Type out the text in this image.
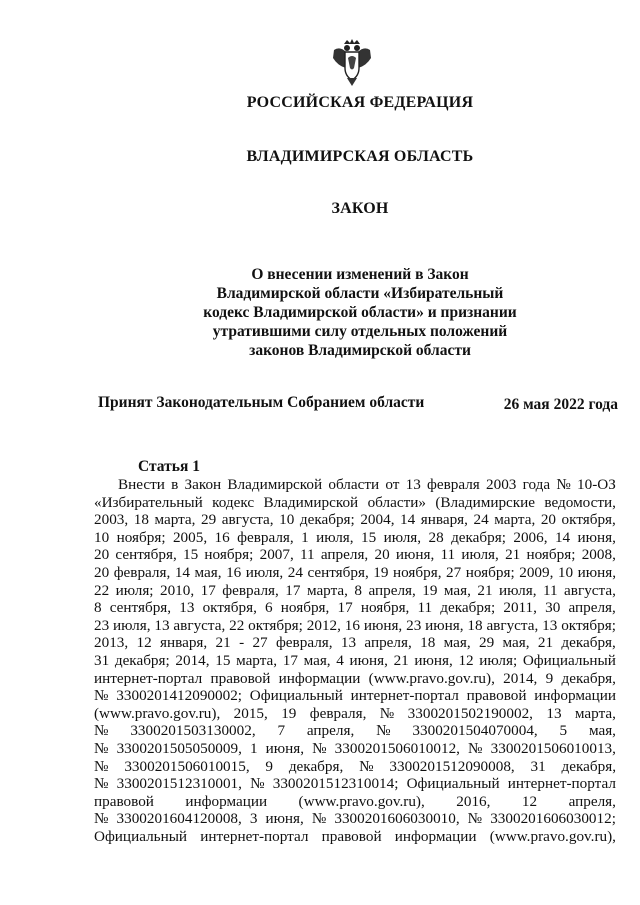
РОССИЙСКАЯ ФЕДЕРАЦИЯ
ВЛАДИМИРСКАЯ ОБЛАСТЬ
ЗАКОН
О внесении изменений в Закон
Владимирской области «Избирательный
кодекс Владимирской области» и признании
утратившими силу отдельных положений
законов Владимирской области
Принят Законодательным Собранием области	26 мая 2022 года
Статья 1
Внести в Закон Владимирской области от 13 февраля 2003 года № 10-ОЗ
«Избирательный кодекс Владимирской области» (Владимирские ведомости,
2003, 18 марта, 29 августа, 10 декабря; 2004, 14 января, 24 марта, 20 октября,
10 ноября; 2005, 16 февраля, 1 июля, 15 июля, 28 декабря; 2006, 14 июня,
20 сентября, 15 ноября; 2007, 11 апреля, 20 июня, 11 июля, 21 ноября; 2008,
20 февраля, 14 мая, 16 июля, 24 сентября, 19 ноября, 27 ноября; 2009, 10 июня,
22 июля; 2010, 17 февраля, 17 марта, 8 апреля, 19 мая, 21 июля, 11 августа,
8 сентября, 13 октября, 6 ноября, 17 ноября, 11 декабря; 2011, 30 апреля,
23 июля, 13 августа, 22 октября; 2012, 16 июня, 23 июня, 18 августа, 13 октября;
2013, 12 января, 21 - 27 февраля, 13 апреля, 18 мая, 29 мая, 21 декабря,
31 декабря; 2014, 15 марта, 17 мая, 4 июня, 21 июня, 12 июля; Официальный
интернет-портал правовой информации (www.pravo.gov.ru), 2014, 9 декабря,
№ 3300201412090002; Официальный интернет-портал правовой информации
(www.pravo.gov.ru), 2015, 19 февраля, № 3300201502190002, 13 марта,
№ 3300201503130002, 7 апреля, № 3300201504070004, 5 мая,
№ 3300201505050009, 1 июня, № 3300201506010012, № 3300201506010013,
№ 3300201506010015, 9 декабря, № 3300201512090008, 31 декабря,
№ 3300201512310001, № 3300201512310014; Официальный интернет-портал
правовой информации (www.pravo.gov.ru), 2016, 12 апреля,
№ 3300201604120008, 3 июня, № 3300201606030010, № 3300201606030012;
Официальный интернет-портал правовой информации (www.pravo.gov.ru),
